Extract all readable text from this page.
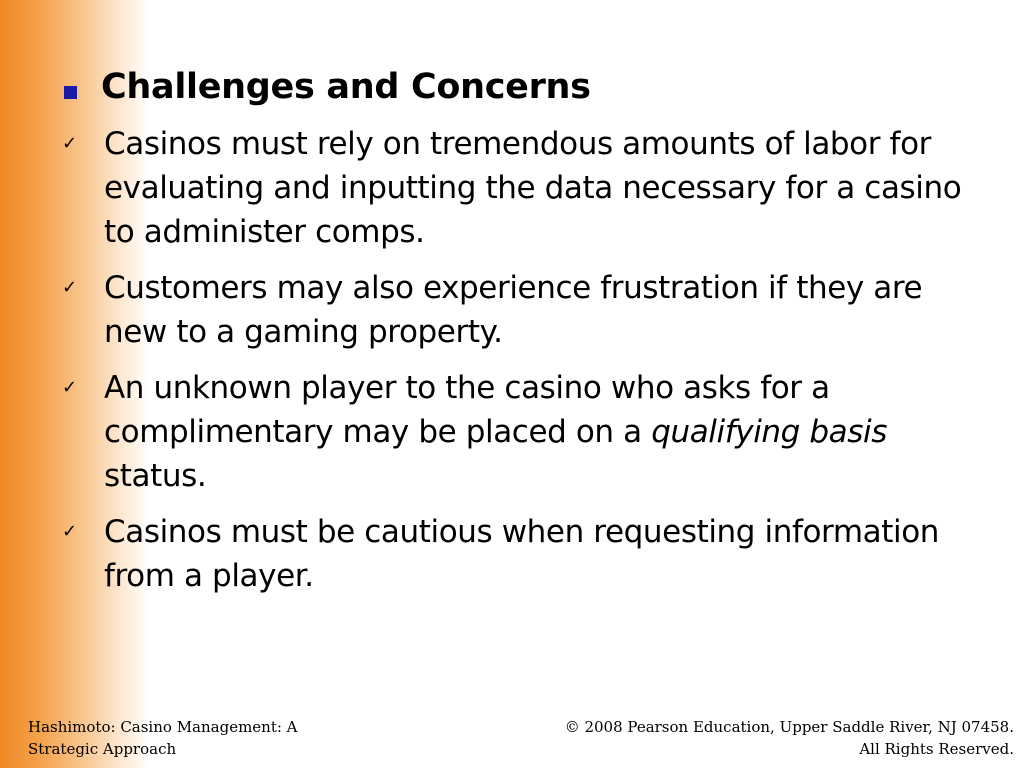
Challenges and Concerns
✓ Casinos must rely on tremendous amounts of labor for evaluating and inputting the data necessary for a casino to administer comps.
✓ Customers may also experience frustration if they are new to a gaming property.
✓ An unknown player to the casino who asks for a complimentary may be placed on a qualifying basis status.
✓ Casinos must be cautious when requesting information from a player.
Hashimoto: Casino Management: A
Strategic Approach
© 2008 Pearson Education, Upper Saddle River, NJ 07458.
All Rights Reserved.
